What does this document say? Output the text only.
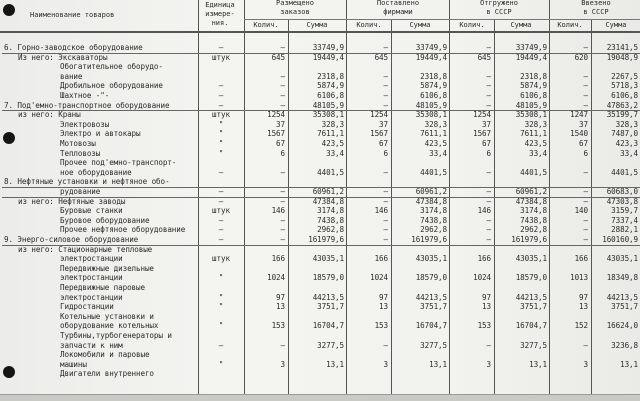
Наименование товаров
Единица
измере-
ния.
Размещено
заказов
Поставлено
фирмами
Отгружено
в СССР
Ввезено
в СССР
Колич.	Сумма	Колич.	Сумма	Колич.	Сумма	Колич.	Сумма
6. Горно-заводское оборудование	–	–	33749,9	–	33749,9	–	33749,9	–	23141,5
Из него: Экскаваторы	штук	645	19449,4	645	19449,4	645	19449,4	620	19048,9
Обогатительное оборудо-
вание	–	2318,8	–	2318,8	–	2318,8	–	2267,5
Дробильное оборудование	–	–	5874,9	–	5874,9	–	5874,9	–	5718,3
Шахтное -"-	–	–	6106,8	–	6106,8	–	6106,8	–	6106,8
7. Под'емно-транспортное оборудование	–	–	48105,9	–	48105,9	–	48105,9	–	47863,2
из него: Краны	штук	1254	35308,1	1254	35308,1	1254	35308,1	1247	35199,7
Электровозы	"	37	328,3	37	328,3	37	328,3	37	328,3
Электро и автокары	"	1567	7611,1	1567	7611,1	1567	7611,1	1540	7487,0
Мотовозы	"	67	423,5	67	423,5	67	423,5	67	423,3
Тепловозы	"	6	33,4	6	33,4	6	33,4	6	33,4
Прочее под'емно-транспорт-
ное оборудование	–	–	4401,5	–	4401,5	–	4401,5	–	4401,5
8. Нефтяные установки и нефтяное обо-
рудование	–	–	60961,2	–	60961,2	–	60961,2	–	60683,0
из него: Нефтяные заводы	–	–	47384,8	–	47384,8	–	47384,8	–	47303,8
Буровые станки	штук	146	3174,8	146	3174,8	146	3174,8	140	3159,7
Буровое оборудование	–	–	7438,8	–	7438,8	–	7438,8	–	7337,4
Прочее нефтяное оборудование	–	–	2962,8	–	2962,8	–	2962,8	–	2882,1
9. Энерго-силовое оборудование	–	–	161979,6	–	161979,6	–	161979,6	–	160160,9
из него: Стационарные тепловые
электростанции	штук	166	43035,1	166	43035,1	166	43035,1	166	43035,1
Передвижные дизельные
электростанции	"	1024	18579,0	1024	18579,0	1024	18579,0	1013	18349,8
Передвижные паровые
электростанции	"	97	44213,5	97	44213,5	97	44213,5	97	44213,5
Гидростанции	"	13	3751,7	13	3751,7	13	3751,7	13	3751,7
Котельные установки и
оборудование котельных	"	153	16704,7	153	16704,7	153	16704,7	152	16624,0
Турбины,турбогенераторы и
запчасти к ним	–	–	3277,5	–	3277,5	–	3277,5	–	3236,8
Локомобили и паровые
машины	"	3	13,1	3	13,1	3	13,1	3	13,1
Двигатели внутреннего
